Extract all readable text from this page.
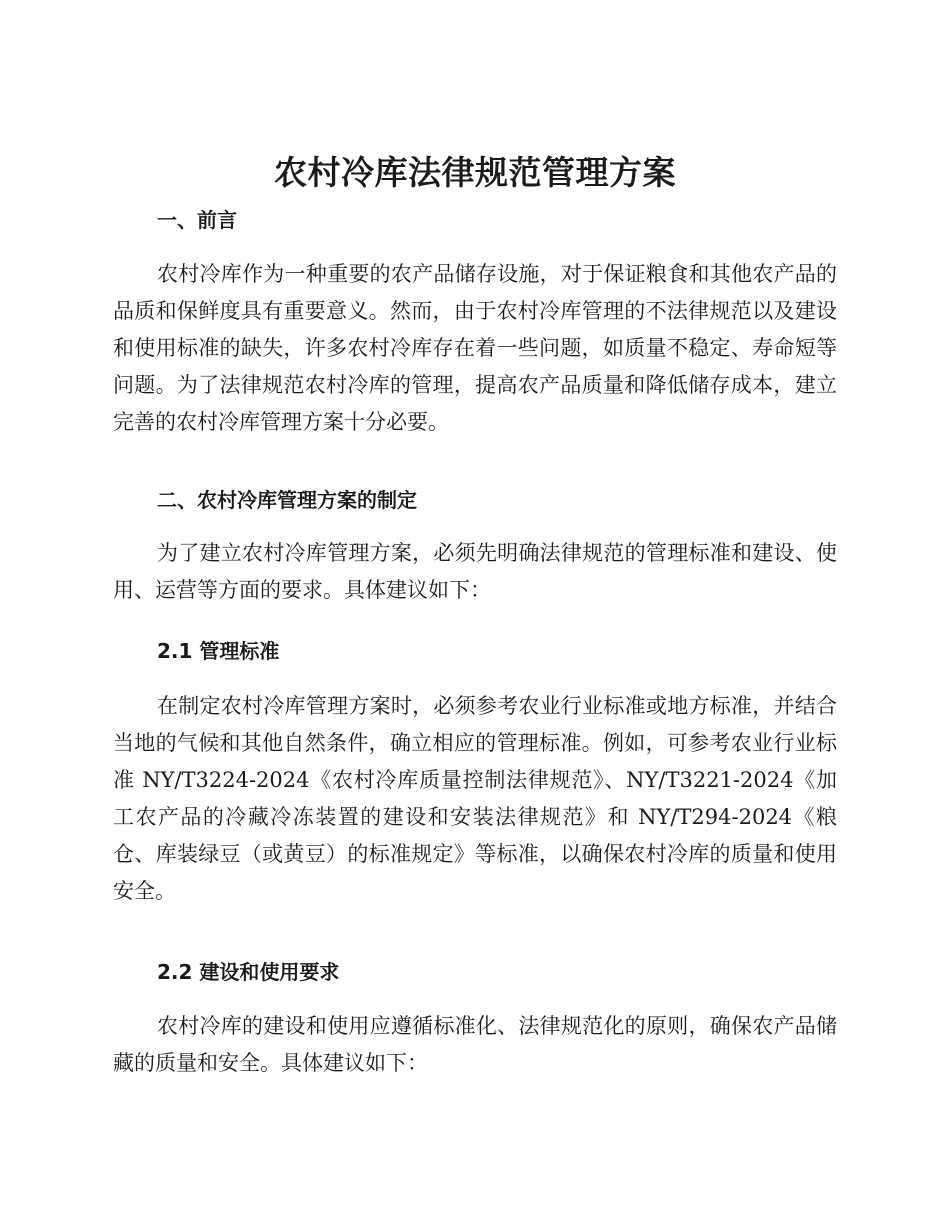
农村冷库法律规范管理方案
一、前言

农村冷库作为一种重要的农产品储存设施，对于保证粮食和其他农产品的品质和保鲜度具有重要意义。然而，由于农村冷库管理的不法律规范以及建设和使用标准的缺失，许多农村冷库存在着一些问题，如质量不稳定、寿命短等问题。为了法律规范农村冷库的管理，提高农产品质量和降低储存成本，建立完善的农村冷库管理方案十分必要。

二、农村冷库管理方案的制定

为了建立农村冷库管理方案，必须先明确法律规范的管理标准和建设、使用、运营等方面的要求。具体建议如下：

2.1 管理标准

在制定农村冷库管理方案时，必须参考农业行业标准或地方标准，并结合当地的气候和其他自然条件，确立相应的管理标准。例如，可参考农业行业标准 NY/T3224-2024《农村冷库质量控制法律规范》、NY/T3221-2024《加工农产品的冷藏冷冻装置的建设和安装法律规范》和 NY/T294-2024《粮仓、库装绿豆（或黄豆）的标准规定》等标准，以确保农村冷库的质量和使用安全。

2.2 建设和使用要求

农村冷库的建设和使用应遵循标准化、法律规范化的原则，确保农产品储藏的质量和安全。具体建议如下：
